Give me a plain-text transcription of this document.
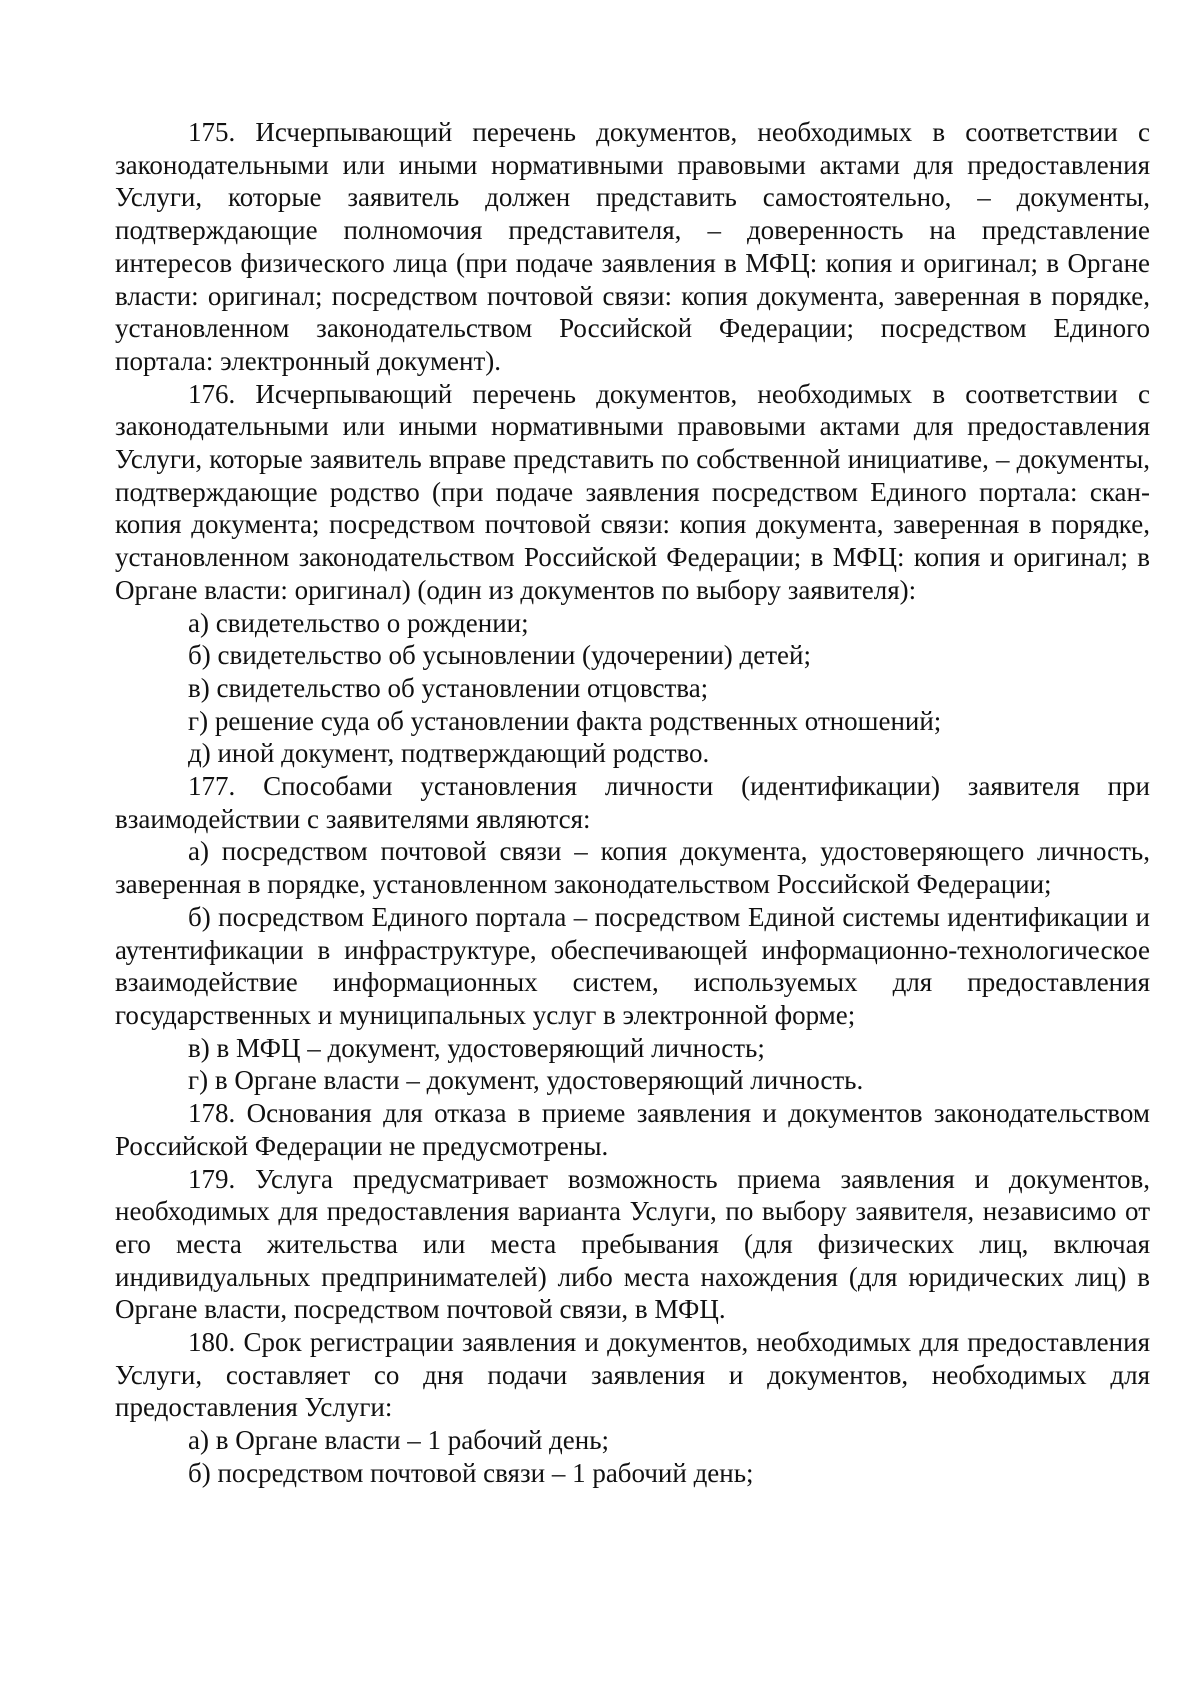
175. Исчерпывающий перечень документов, необходимых в соответствии с законодательными или иными нормативными правовыми актами для предоставления Услуги, которые заявитель должен представить самостоятельно, – документы, подтверждающие полномочия представителя, – доверенность на представление интересов физического лица (при подаче заявления в МФЦ: копия и оригинал; в Органе власти: оригинал; посредством почтовой связи: копия документа, заверенная в порядке, установленном законодательством Российской Федерации; посредством Единого портала: электронный документ).

176. Исчерпывающий перечень документов, необходимых в соответствии с законодательными или иными нормативными правовыми актами для предоставления Услуги, которые заявитель вправе представить по собственной инициативе, – документы, подтверждающие родство (при подаче заявления посредством Единого портала: скан-копия документа; посредством почтовой связи: копия документа, заверенная в порядке, установленном законодательством Российской Федерации; в МФЦ: копия и оригинал; в Органе власти: оригинал) (один из документов по выбору заявителя):

а) свидетельство о рождении;

б) свидетельство об усыновлении (удочерении) детей;

в) свидетельство об установлении отцовства;

г) решение суда об установлении факта родственных отношений;

д) иной документ, подтверждающий родство.

177. Способами установления личности (идентификации) заявителя при взаимодействии с заявителями являются:

а) посредством почтовой связи – копия документа, удостоверяющего личность, заверенная в порядке, установленном законодательством Российской Федерации;

б) посредством Единого портала – посредством Единой системы идентификации и аутентификации в инфраструктуре, обеспечивающей информационно-технологическое взаимодействие информационных систем, используемых для предоставления государственных и муниципальных услуг в электронной форме;

в) в МФЦ – документ, удостоверяющий личность;

г) в Органе власти – документ, удостоверяющий личность.

178. Основания для отказа в приеме заявления и документов законодательством Российской Федерации не предусмотрены.

179. Услуга предусматривает возможность приема заявления и документов, необходимых для предоставления варианта Услуги, по выбору заявителя, независимо от его места жительства или места пребывания (для физических лиц, включая индивидуальных предпринимателей) либо места нахождения (для юридических лиц) в Органе власти, посредством почтовой связи, в МФЦ.

180. Срок регистрации заявления и документов, необходимых для предоставления Услуги, составляет со дня подачи заявления и документов, необходимых для предоставления Услуги:

а) в Органе власти – 1 рабочий день;

б) посредством почтовой связи – 1 рабочий день;
